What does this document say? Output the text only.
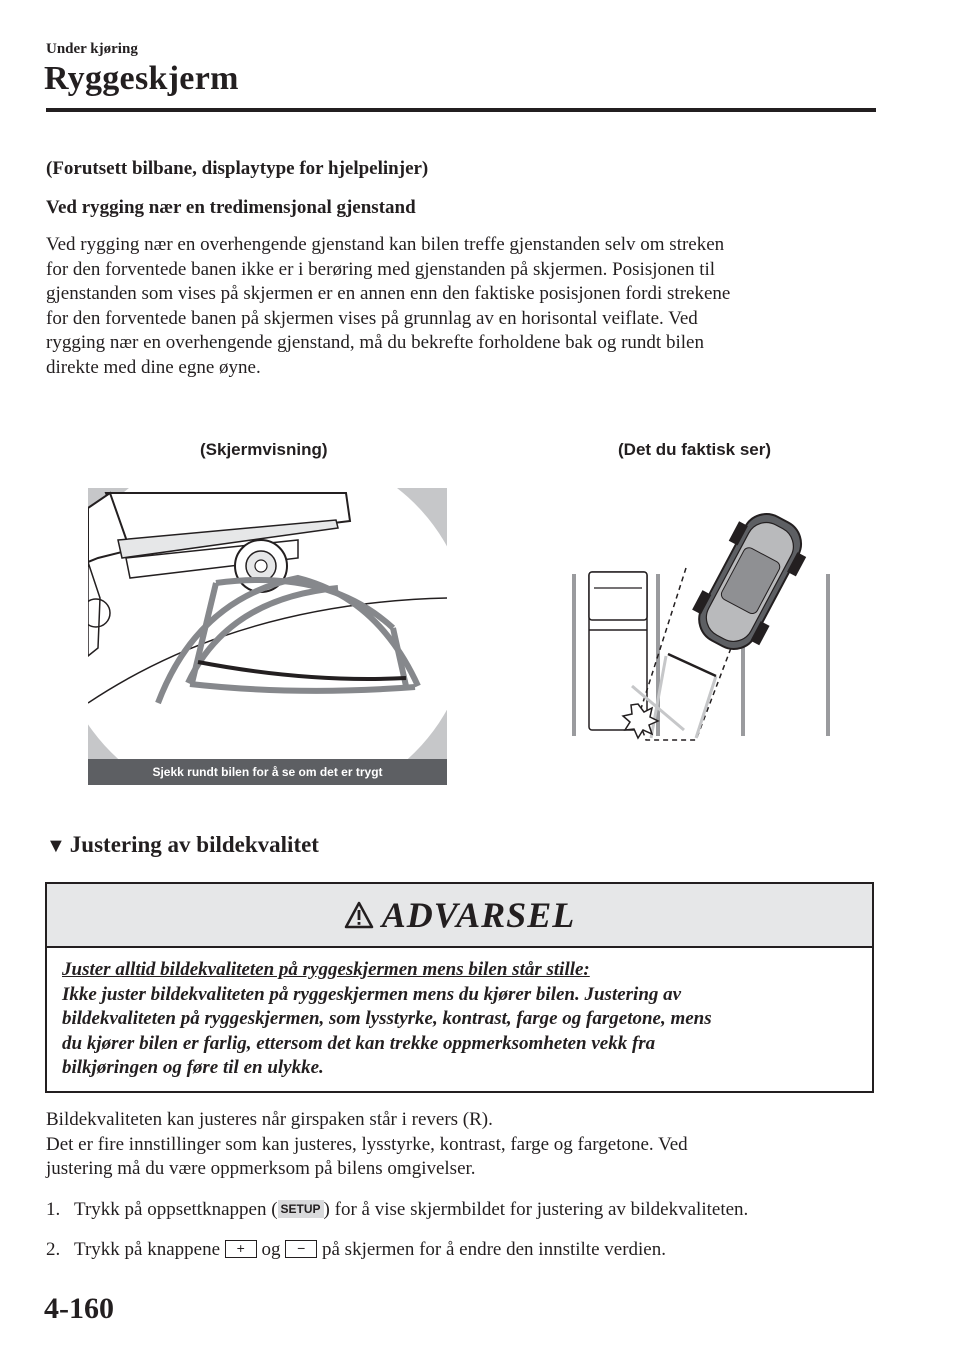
Under kjøring
Ryggeskjerm
(Forutsett bilbane, displaytype for hjelpelinjer)
Ved rygging nær en tredimensjonal gjenstand

Ved rygging nær en overhengende gjenstand kan bilen treffe gjenstanden selv om streken

for den forventede banen ikke er i berøring med gjenstanden på skjermen. Posisjonen til

gjenstanden som vises på skjermen er en annen enn den faktiske posisjonen fordi strekene

for den forventede banen på skjermen vises på grunnlag av en horisontal veiflate. Ved

rygging nær en overhengende gjenstand, må du bekrefte forholdene bak og rundt bilen

direkte med dine egne øyne.

(Skjermvisning)	(Det du faktisk ser)
Sjekk rundt bilen for å se om det er trygt
▼ Justering av bildekvalitet
ADVARSEL
Juster alltid bildekvaliteten på ryggeskjermen mens bilen står stille:
Ikke juster bildekvaliteten på ryggeskjermen mens du kjører bilen. Justering av
bildekvaliteten på ryggeskjermen, som lysstyrke, kontrast, farge og fargetone, mens
du kjører bilen er farlig, ettersom det kan trekke oppmerksomheten vekk fra
bilkjøringen og føre til en ulykke.

Bildekvaliteten kan justeres når girspaken står i revers (R).

Det er fire innstillinger som kan justeres, lysstyrke, kontrast, farge og fargetone. Ved

justering må du være oppmerksom på bilens omgivelser.

1. Trykk på oppsettknappen ( SETUP ) for å vise skjermbildet for justering av bildekvaliteten.
2. Trykk på knappene + og − på skjermen for å endre den innstilte verdien.
4-160
